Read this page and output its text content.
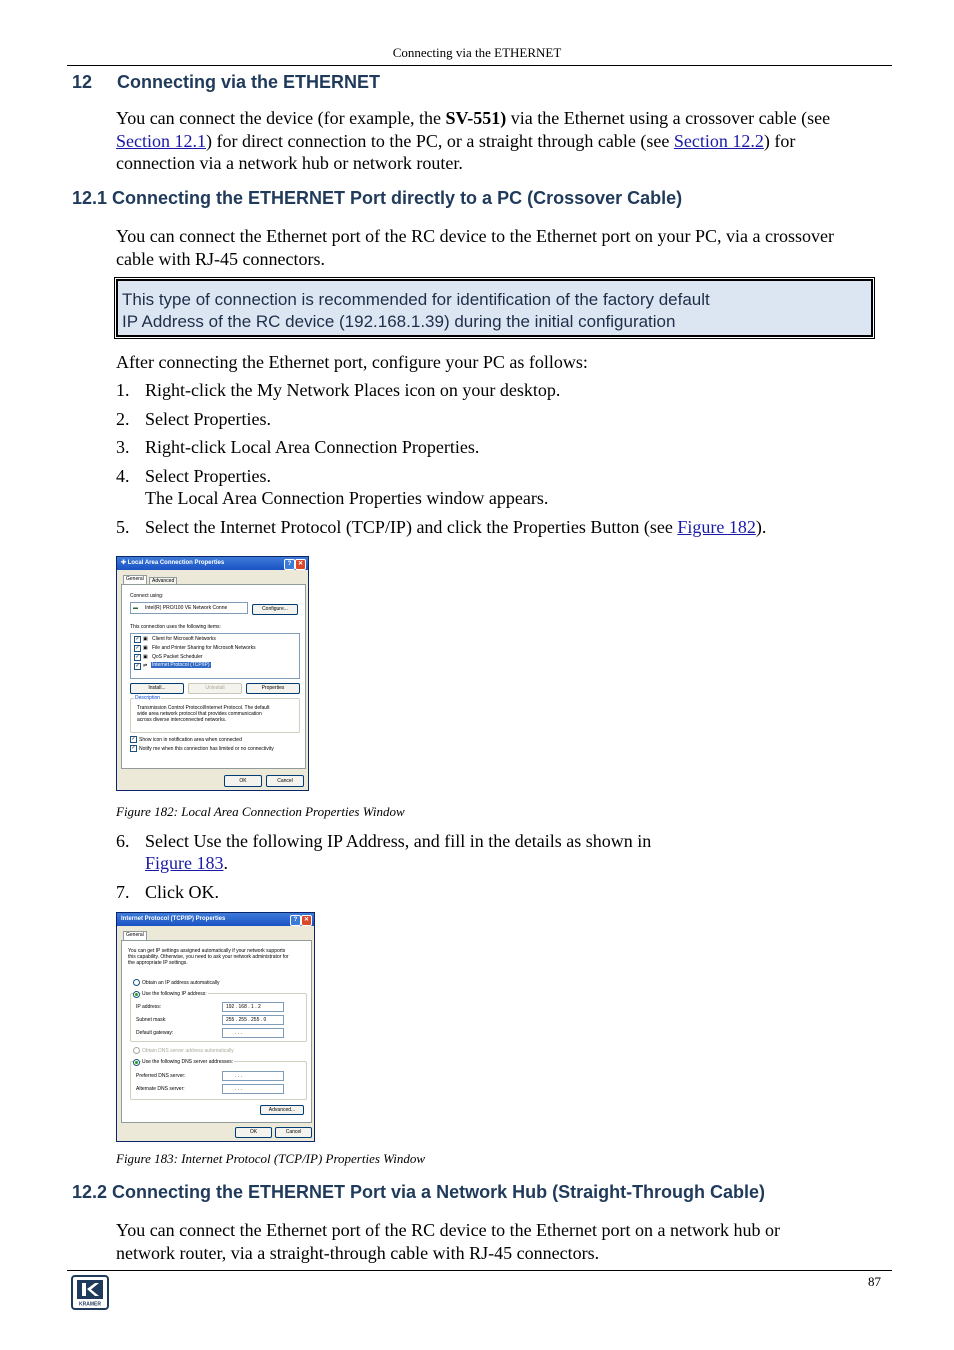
Connecting via the ETHERNET
12 Connecting via the ETHERNET
You can connect the device (for example, the SV-551) via the Ethernet using a crossover cable (see
Section 12.1) for direct connection to the PC, or a straight through cable (see Section 12.2) for
connection via a network hub or network router.
12.1 Connecting the ETHERNET Port directly to a PC (Crossover Cable)
You can connect the Ethernet port of the RC device to the Ethernet port on your PC, via a crossover
cable with RJ-45 connectors.
This type of connection is recommended for identification of the factory default
IP Address of the RC device (192.168.1.39) during the initial configuration
After connecting the Ethernet port, configure your PC as follows:
1. Right-click the My Network Places icon on your desktop.
2. Select Properties.
3. Right-click Local Area Connection Properties.
4. Select Properties.
The Local Area Connection Properties window appears.
5. Select the Internet Protocol (TCP/IP) and click the Properties Button (see Figure 182).
✚ Local Area Connection Properties	?	✕
General	Advanced
Connect using:
▬ Intel(R) PRO/100 VE Network Conne	Configure...
This connection uses the following items:
✓ ▣ Client for Microsoft Networks
✓ ▣ File and Printer Sharing for Microsoft Networks
✓ ▣ QoS Packet Scheduler
✓ ⇌ Internet Protocol (TCP/IP)
Install...	Uninstall	Properties
Description
Transmission Control Protocol/Internet Protocol. The default
wide area network protocol that provides communication
across diverse interconnected networks.
✓ Show icon in notification area when connected
✓ Notify me when this connection has limited or no connectivity
OK	Cancel
Figure 182: Local Area Connection Properties Window
6. Select Use the following IP Address, and fill in the details as shown in
Figure 183.
7. Click OK.
Internet Protocol (TCP/IP) Properties	?	✕
General
You can get IP settings assigned automatically if your network supports
this capability. Otherwise, you need to ask your network administrator for
the appropriate IP settings.
Obtain an IP address automatically
Use the following IP address:
IP address:	192 . 168 . 1 . 2
Subnet mask:	255 . 255 . 255 . 0
Default gateway:	. . .
Obtain DNS server address automatically
Use the following DNS server addresses:
Preferred DNS server:	. . .
Alternate DNS server:	. . .
Advanced...
OK	Cancel
Figure 183: Internet Protocol (TCP/IP) Properties Window
12.2 Connecting the ETHERNET Port via a Network Hub (Straight-Through Cable)
You can connect the Ethernet port of the RC device to the Ethernet port on a network hub or
network router, via a straight-through cable with RJ-45 connectors.
KRAMER
87
